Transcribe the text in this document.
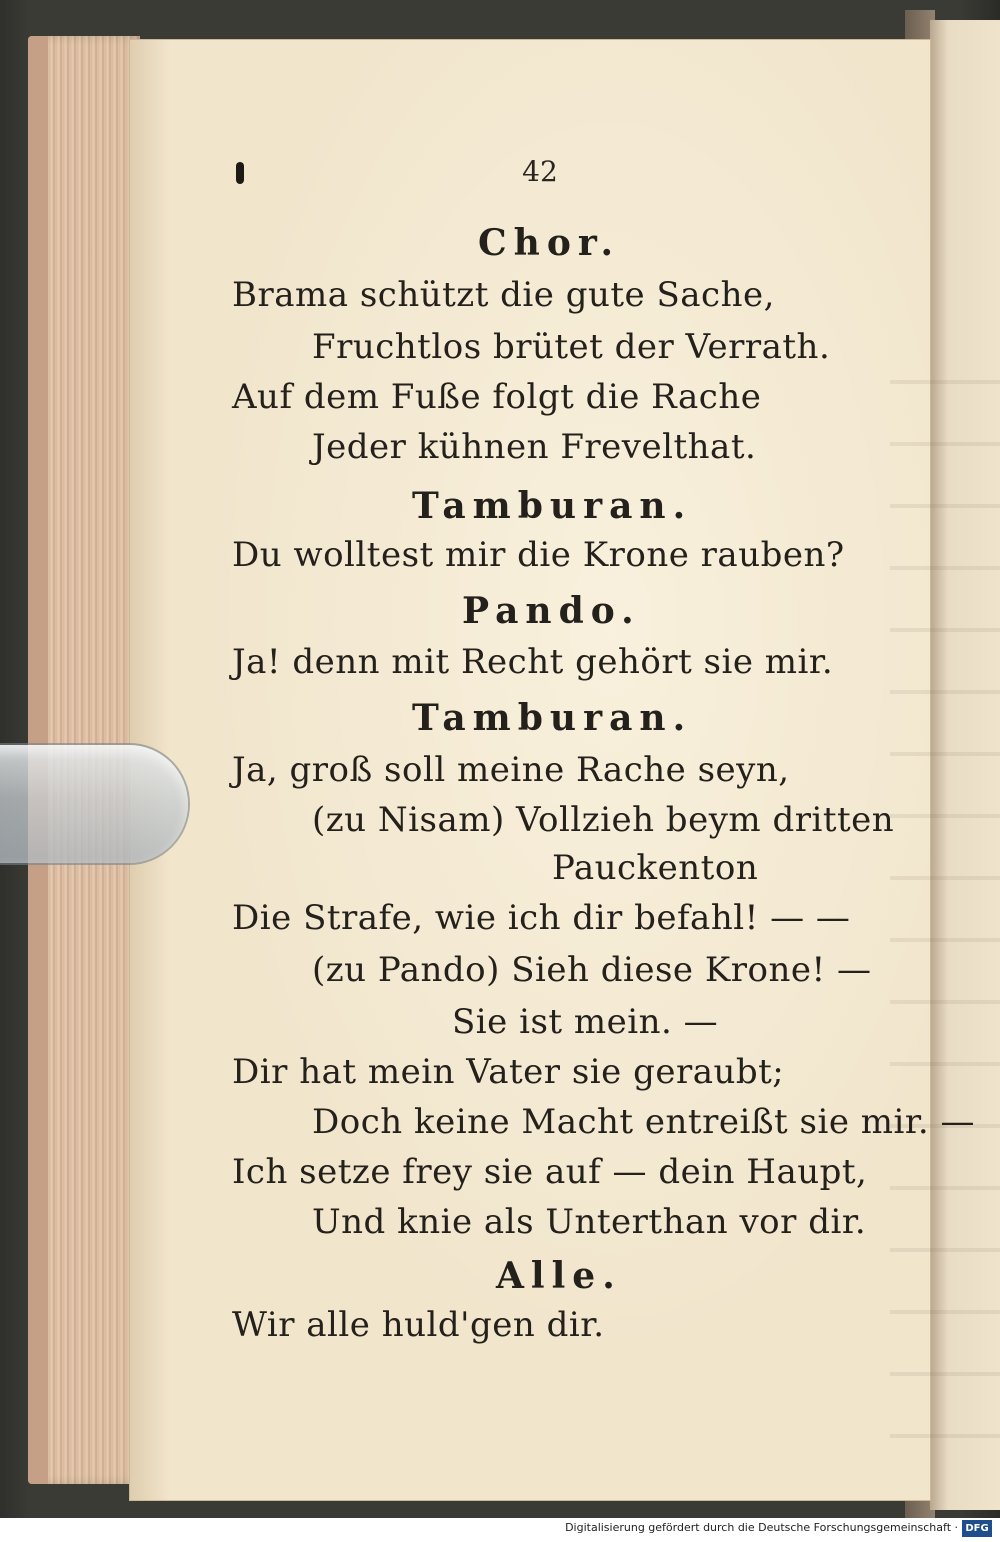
42
Chor.
Brama schützt die gute Sache,
Fruchtlos brütet der Verrath.
Auf dem Fuße folgt die Rache
Jeder kühnen Frevelthat.
Tamburan.
Du wolltest mir die Krone rauben?
Pando.
Ja! denn mit Recht gehört sie mir.
Tamburan.
Ja, groß soll meine Rache seyn,
(zu Nisam) Vollzieh beym dritten
Pauckenton
Die Strafe, wie ich dir befahl! — —
(zu Pando) Sieh diese Krone! —
Sie ist mein. —
Dir hat mein Vater sie geraubt;
Doch keine Macht entreißt sie mir. —
Ich setze frey sie auf — dein Haupt,
Und knie als Unterthan vor dir.
Alle.
Wir alle huld'gen dir.
Digitalisierung gefördert durch die Deutsche Forschungsgemeinschaft · DFG
